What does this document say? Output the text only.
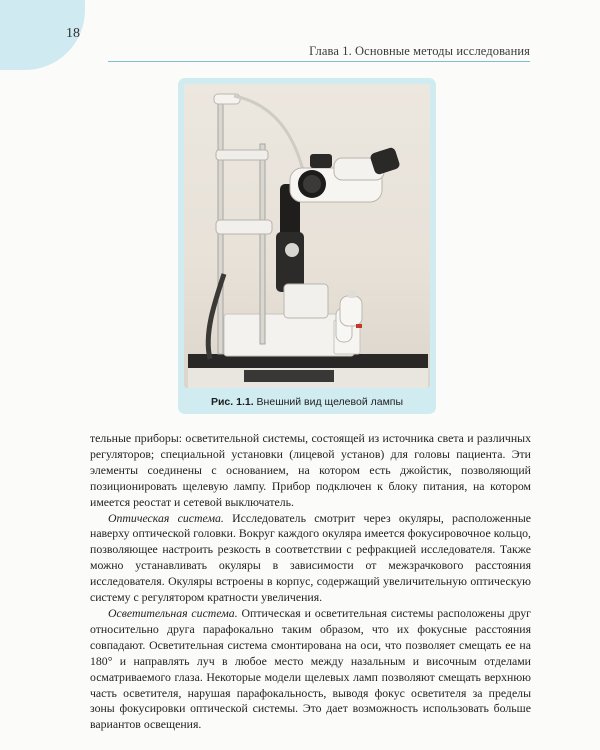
18
Глава 1. Основные методы исследования
Рис. 1.1. Внешний вид щелевой лампы

тельные приборы: осветительной системы, состоящей из источника света и различных регуляторов; специальной установки (лицевой установ) для головы пациента. Эти элементы соединены с основанием, на котором есть джойстик, позволяющий позиционировать щелевую лампу. Прибор подключен к блоку питания, на котором имеется реостат и сетевой выключатель.

Оптическая система. Исследователь смотрит через окуляры, расположенные наверху оптической головки. Вокруг каждого окуляра имеется фокусировочное кольцо, позволяющее настроить резкость в соответствии с рефракцией исследователя. Также можно устанавливать окуляры в зависимости от межзрачкового расстояния исследователя. Окуляры встроены в корпус, содержащий увеличительную оптическую систему с регулятором кратности увеличения.

Осветительная система. Оптическая и осветительная системы расположены друг относительно друга парафокально таким образом, что их фокусные расстояния совпадают. Осветительная система смонтирована на оси, что позволяет смещать ее на 180° и направлять луч в любое место между назальным и височным отделами осматриваемого глаза. Некоторые модели щелевых ламп позволяют смещать верхнюю часть осветителя, нарушая парафокальность, выводя фокус осветителя за пределы зоны фокусировки оптической системы. Это дает возможность использовать больше вариантов освещения.
